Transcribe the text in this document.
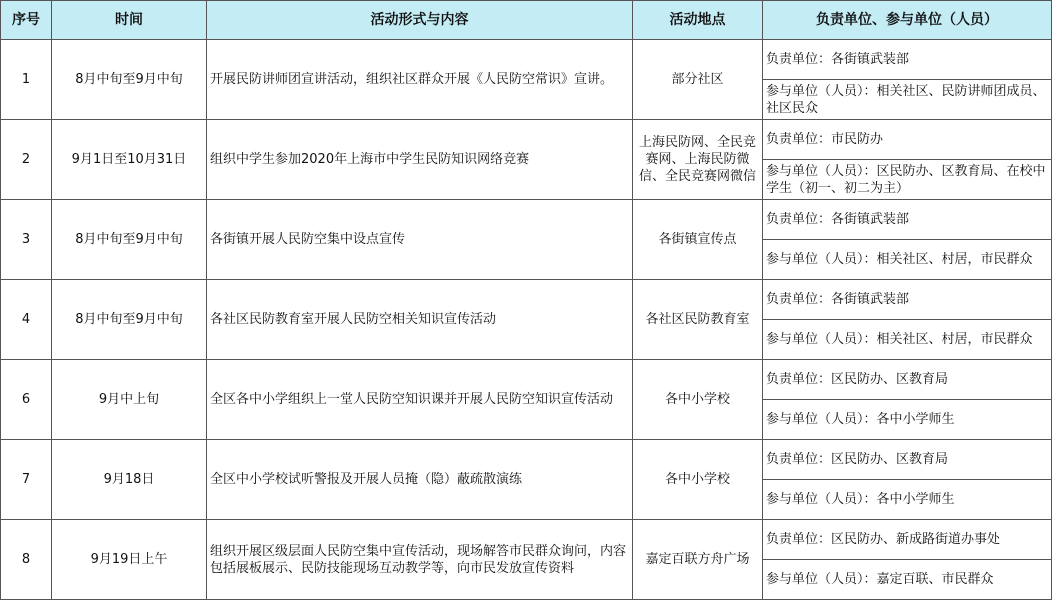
序号	时间	活动形式与内容	活动地点	负责单位、参与单位（人员）
1	8月中旬至9月中旬	开展民防讲师团宣讲活动，组织社区群众开展《人民防空常识》宣讲。	部分社区	负责单位：各街镇武装部
				参与单位（人员）：相关社区、民防讲师团成员、社区民众
2	9月1日至10月31日	组织中学生参加2020年上海市中学生民防知识网络竞赛	上海民防网、全民竞赛网、上海民防微信、全民竞赛网微信	负责单位：市民防办
				参与单位（人员）：区民防办、区教育局、在校中学生（初一、初二为主）
3	8月中旬至9月中旬	各街镇开展人民防空集中设点宣传	各街镇宣传点	负责单位：各街镇武装部
				参与单位（人员）：相关社区、村居，市民群众
4	8月中旬至9月中旬	各社区民防教育室开展人民防空相关知识宣传活动	各社区民防教育室	负责单位：各街镇武装部
				参与单位（人员）：相关社区、村居，市民群众
6	9月中上旬	全区各中小学组织上一堂人民防空知识课并开展人民防空知识宣传活动	各中小学校	负责单位：区民防办、区教育局
				参与单位（人员）：各中小学师生
7	9月18日	全区中小学校试听警报及开展人员掩（隐）蔽疏散演练	各中小学校	负责单位：区民防办、区教育局
				参与单位（人员）：各中小学师生
8	9月19日上午	组织开展区级层面人民防空集中宣传活动，现场解答市民群众询问，内容包括展板展示、民防技能现场互动教学等，向市民发放宣传资料	嘉定百联方舟广场	负责单位：区民防办、新成路街道办事处
				参与单位（人员）：嘉定百联、市民群众
